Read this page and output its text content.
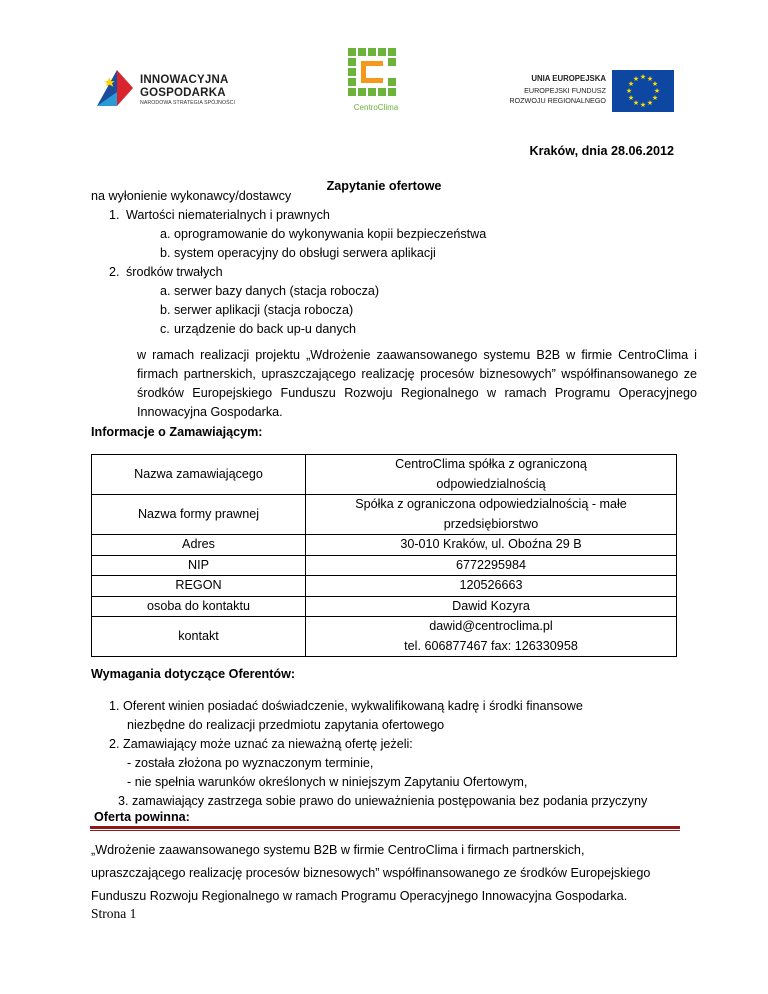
INNOWACYJNA
GOSPODARKA
NARODOWA STRATEGIA SPÓJNOŚCI	CentroClima
UNIA EUROPEJSKA
EUROPEJSKI FUNDUSZ
ROZWOJU REGIONALNEGO
★ ★
★
★
★
★
★
★
★
★
★
★
Kraków, dnia 28.06.2012
Zapytanie ofertowe
na wyłonienie wykonawcy/dostawcy
1. Wartości niematerialnych i prawnych
a. oprogramowanie do wykonywania kopii bezpieczeństwa
b. system operacyjny do obsługi serwera aplikacji
2. środków trwałych
a. serwer bazy danych (stacja robocza)
b. serwer aplikacji (stacja robocza)
c. urządzenie do back up-u danych
w ramach realizacji projektu „Wdrożenie zaawansowanego systemu B2B w firmie CentroClima i firmach partnerskich, upraszczającego realizację procesów biznesowych” współfinansowanego ze środków Europejskiego Funduszu Rozwoju Regionalnego w ramach Programu Operacyjnego Innowacyjna Gospodarka.
Informacje o Zamawiającym:
Nazwa zamawiającego	CentroClima spółka z ograniczoną
odpowiedzialnością

Nazwa formy prawnej	Spółka z ograniczona odpowiedzialnością - małe
przedsiębiorstwo

Adres	30-010 Kraków, ul. Oboźna 29 B
NIP	6772295984
REGON	120526663
osoba do kontaktu	Dawid Kozyra
kontakt	dawid@centroclima.pl
tel. 606877467 fax: 126330958
Wymagania dotyczące Oferentów:
1. Oferent winien posiadać doświadczenie, wykwalifikowaną kadrę i środki finansowe
niezbędne do realizacji przedmiotu zapytania ofertowego
2. Zamawiający może uznać za nieważną ofertę jeżeli:
- została złożona po wyznaczonym terminie,
- nie spełnia warunków określonych w niniejszym Zapytaniu Ofertowym,
3. zamawiający zastrzega sobie prawo do unieważnienia postępowania bez podania przyczyny
Oferta powinna:
„Wdrożenie zaawansowanego systemu B2B w firmie CentroClima i firmach partnerskich,
upraszczającego realizację procesów biznesowych” współfinansowanego ze środków Europejskiego
Funduszu Rozwoju Regionalnego w ramach Programu Operacyjnego Innowacyjna Gospodarka.
Strona 1
